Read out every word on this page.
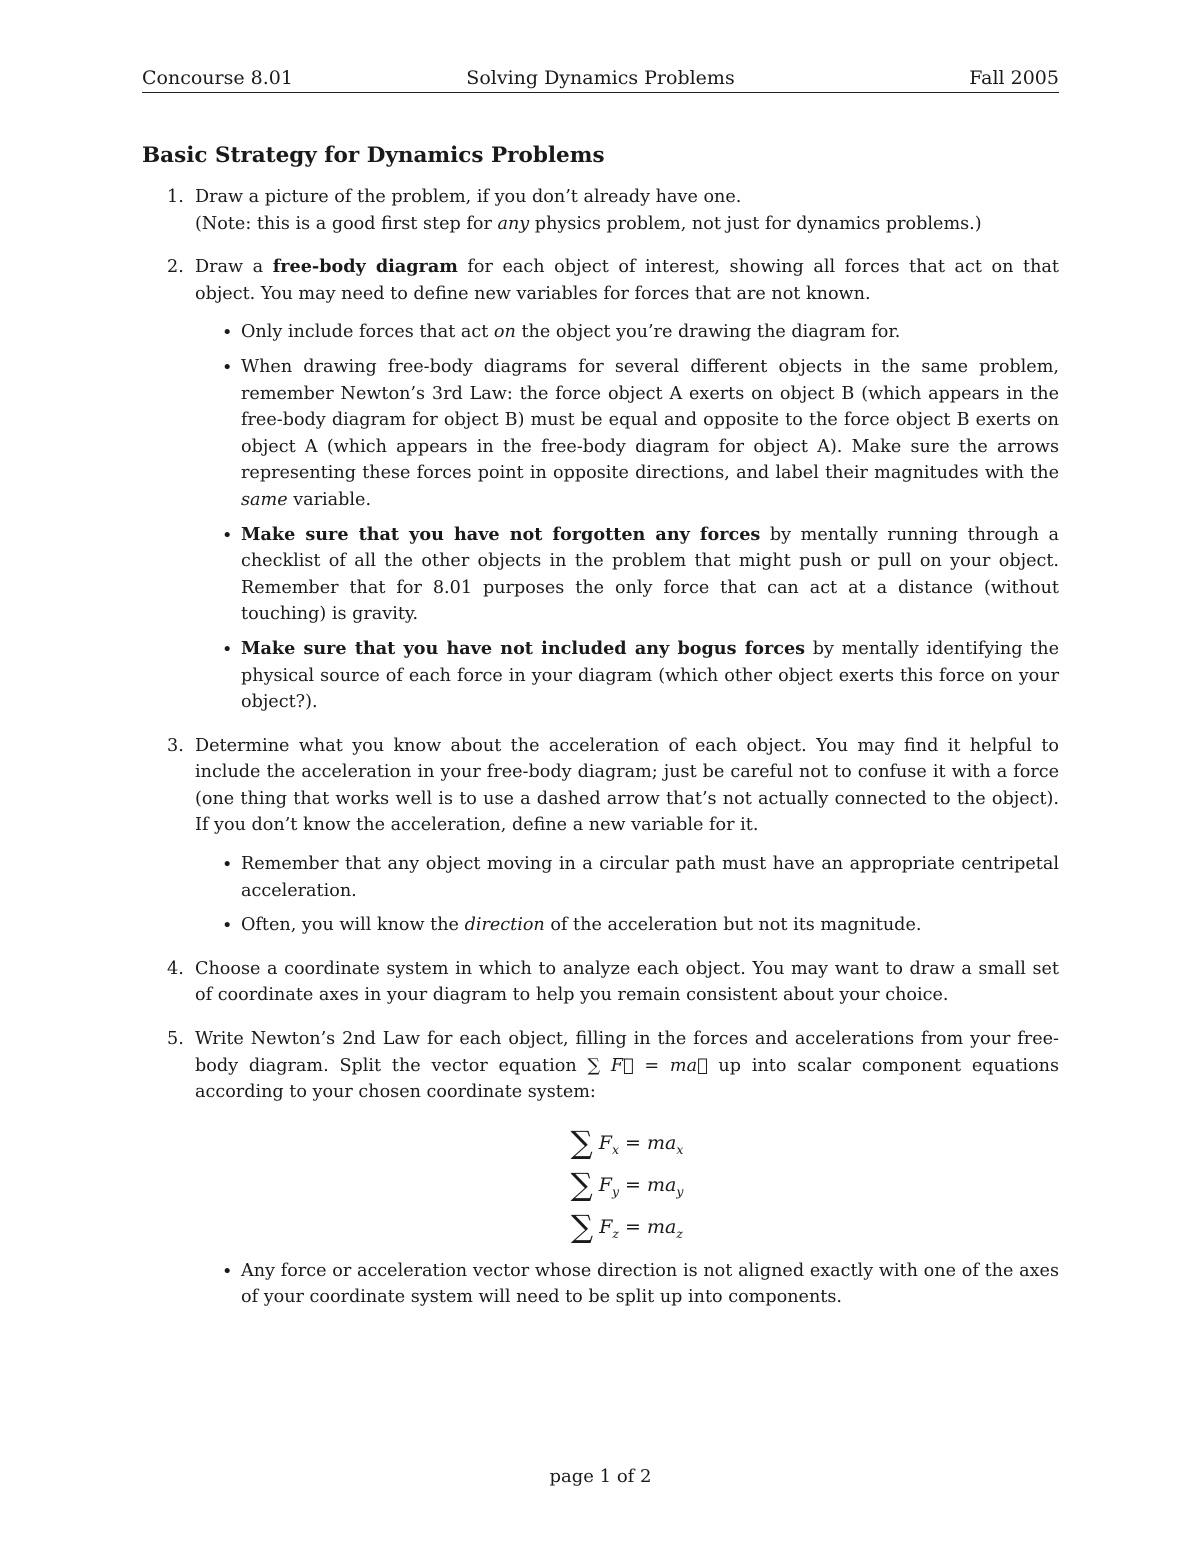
Solving Dynamics Problems
Concourse 8.01	Fall 2005
Basic Strategy for Dynamics Problems
1. Draw a picture of the problem, if you don’t already have one.

(Note: this is a good first step for any physics problem, not just for dynamics problems.)

2. Draw a free-body diagram for each object of interest, showing all forces that act on that object. You may need to define new variables for forces that are not known.

• Only include forces that act on the object you’re drawing the diagram for.

• When drawing free-body diagrams for several different objects in the same problem, remember Newton’s 3rd Law: the force object A exerts on object B (which appears in the free-body diagram for object B) must be equal and opposite to the force object B exerts on object A (which appears in the free-body diagram for object A). Make sure the arrows representing these forces point in opposite directions, and label their magnitudes with the same variable.

• Make sure that you have not forgotten any forces by mentally running through a checklist of all the other objects in the problem that might push or pull on your object. Remember that for 8.01 purposes the only force that can act at a distance (without touching) is gravity.

• Make sure that you have not included any bogus forces by mentally identifying the physical source of each force in your diagram (which other object exerts this force on your object?).

3. Determine what you know about the acceleration of each object. You may find it helpful to include the acceleration in your free-body diagram; just be careful not to confuse it with a force (one thing that works well is to use a dashed arrow that’s not actually connected to the object). If you don’t know the acceleration, define a new variable for it.

• Remember that any object moving in a circular path must have an appropriate centripetal acceleration.

• Often, you will know the direction of the acceleration but not its magnitude.

4. Choose a coordinate system in which to analyze each object. You may want to draw a small set of coordinate axes in your diagram to help you remain consistent about your choice.

5. Write Newton’s 2nd Law for each object, filling in the forces and accelerations from your free-body diagram. Split the vector equation ∑ F⃗ = ma⃗ up into scalar component equations according to your chosen coordinate system:

∑ $F_x = ma_x$
∑ $F_y = ma_y$
∑ $F_z = ma_z$
• Any force or acceleration vector whose direction is not aligned exactly with one of the axes of your coordinate system will need to be split up into components.

page 1 of 2
